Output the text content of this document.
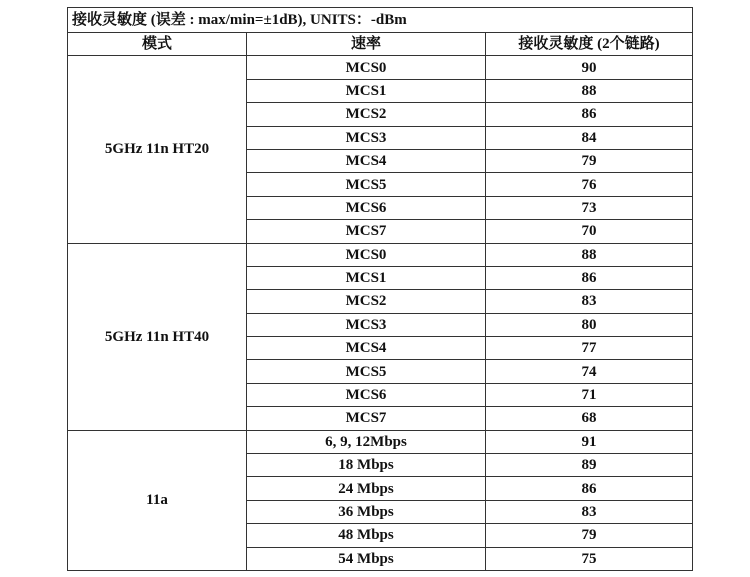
接收灵敏度 (误差 : max/min=±1dB), UNITS：-dBm		
模式	速率	接收灵敏度 (2个链路)
5GHz 11n HT20	MCS0	90
	MCS1	88
	MCS2	86
	MCS3	84
	MCS4	79
	MCS5	76
	MCS6	73
	MCS7	70
5GHz 11n HT40	MCS0	88
	MCS1	86
	MCS2	83
	MCS3	80
	MCS4	77
	MCS5	74
	MCS6	71
	MCS7	68
11a	6, 9, 12Mbps	91
	18 Mbps	89
	24 Mbps	86
	36 Mbps	83
	48 Mbps	79
	54 Mbps	75
